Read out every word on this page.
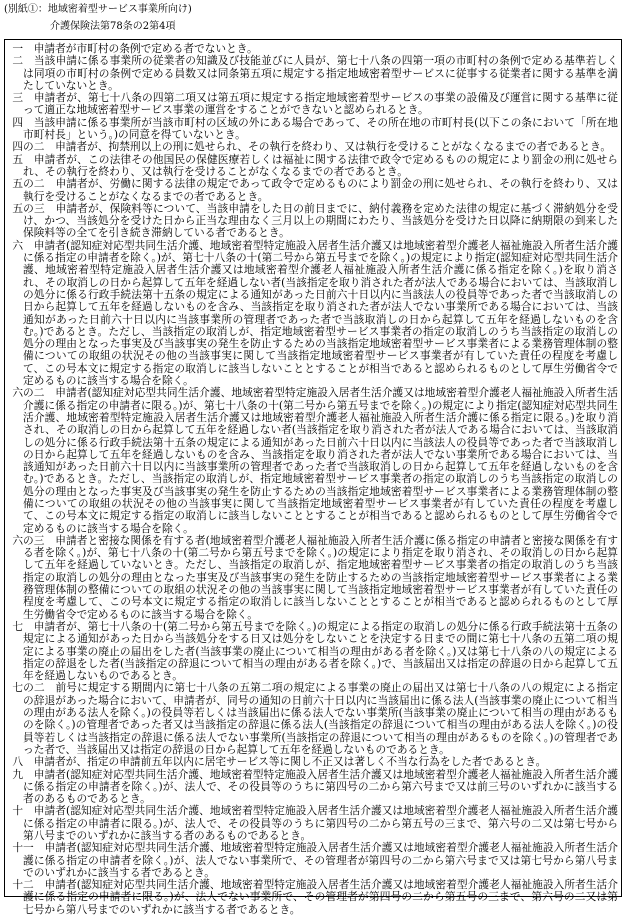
(別紙①：地域密着型サービス事業所向け)
介護保険法第78条の2第4項
一 申請者が市町村の条例で定める者でないとき。
二 当該申請に係る事業所の従業者の知識及び技能並びに人員が、第七十八条の四第一項の市町村の条例で定める基準若しくは同項の市町村の条例で定める員数又は同条第五項に規定する指定地域密着型サービスに従事する従業者に関する基準を満たしていないとき。
三 申請者が、第七十八条の四第二項又は第五項に規定する指定地域密着型サービスの事業の設備及び運営に関する基準に従って適正な地域密着型サービス事業の運営をすることができないと認められるとき。
四 当該申請に係る事業所が当該市町村の区域の外にある場合であって、その所在地の市町村長(以下この条において「所在地市町村長」という。)の同意を得ていないとき。
四の二 申請者が、拘禁刑以上の刑に処せられ、その執行を終わり、又は執行を受けることがなくなるまでの者であるとき。
五 申請者が、この法律その他国民の保健医療若しくは福祉に関する法律で政令で定めるものの規定により罰金の刑に処せられ、その執行を終わり、又は執行を受けることがなくなるまでの者であるとき。
五の二 申請者が、労働に関する法律の規定であって政令で定めるものにより罰金の刑に処せられ、その執行を終わり、又は執行を受けることがなくなるまでの者であるとき。
五の三 申請者が、保険料等について、当該申請をした日の前日までに、納付義務を定めた法律の規定に基づく滞納処分を受け、かつ、当該処分を受けた日から正当な理由なく三月以上の期間にわたり、当該処分を受けた日以降に納期限の到来した保険料等の全てを引き続き滞納している者であるとき。
六 申請者(認知症対応型共同生活介護、地域密着型特定施設入居者生活介護又は地域密着型介護老人福祉施設入所者生活介護に係る指定の申請者を除く。)が、第七十八条の十(第二号から第五号までを除く。)の規定により指定(認知症対応型共同生活介護、地域密着型特定施設入居者生活介護又は地域密着型介護老人福祉施設入所者生活介護に係る指定を除く。)を取り消され、その取消しの日から起算して五年を経過しない者(当該指定を取り消された者が法人である場合においては、当該取消しの処分に係る行政手続法第十五条の規定による通知があった日前六十日以内に当該法人の役員等であった者で当該取消しの日から起算して五年を経過しないものを含み、当該指定を取り消された者が法人でない事業所である場合においては、当該通知があった日前六十日以内に当該事業所の管理者であった者で当該取消しの日から起算して五年を経過しないものを含む。)であるとき。ただし、当該指定の取消しが、指定地域密着型サービス事業者の指定の取消しのうち当該指定の取消しの処分の理由となった事実及び当該事実の発生を防止するための当該指定地域密着型サービス事業者による業務管理体制の整備についての取組の状況その他の当該事実に関して当該指定地域密着型サービス事業者が有していた責任の程度を考慮して、この号本文に規定する指定の取消しに該当しないこととすることが相当であると認められるものとして厚生労働省令で定めるものに該当する場合を除く。
六の二 申請者(認知症対応型共同生活介護、地域密着型特定施設入居者生活介護又は地域密着型介護老人福祉施設入所者生活介護に係る指定の申請者に限る。)が、第七十八条の十(第二号から第五号までを除く。)の規定により指定(認知症対応型共同生活介護、地域密着型特定施設入居者生活介護又は地域密着型介護老人福祉施設入所者生活介護に係る指定に限る。)を取り消され、その取消しの日から起算して五年を経過しない者(当該指定を取り消された者が法人である場合においては、当該取消しの処分に係る行政手続法第十五条の規定による通知があった日前六十日以内に当該法人の役員等であった者で当該取消しの日から起算して五年を経過しないものを含み、当該指定を取り消された者が法人でない事業所である場合においては、当該通知があった日前六十日以内に当該事業所の管理者であった者で当該取消しの日から起算して五年を経過しないものを含む。)であるとき。ただし、当該指定の取消しが、指定地域密着型サービス事業者の指定の取消しのうち当該指定の取消しの処分の理由となった事実及び当該事実の発生を防止するための当該指定地域密着型サービス事業者による業務管理体制の整備についての取組の状況その他の当該事実に関して当該指定地域密着型サービス事業者が有していた責任の程度を考慮して、この号本文に規定する指定の取消しに該当しないこととすることが相当であると認められるものとして厚生労働省令で定めるものに該当する場合を除く。
六の三 申請者と密接な関係を有する者(地域密着型介護老人福祉施設入所者生活介護に係る指定の申請者と密接な関係を有する者を除く。)が、第七十八条の十(第二号から第五号までを除く。)の規定により指定を取り消され、その取消しの日から起算して五年を経過していないとき。ただし、当該指定の取消しが、指定地域密着型サービス事業者の指定の取消しのうち当該指定の取消しの処分の理由となった事実及び当該事実の発生を防止するための当該指定地域密着型サービス事業者による業務管理体制の整備についての取組の状況その他の当該事実に関して当該指定地域密着型サービス事業者が有していた責任の程度を考慮して、この号本文に規定する指定の取消しに該当しないこととすることが相当であると認められるものとして厚生労働省令で定めるものに該当する場合を除く。
七 申請者が、第七十八条の十(第二号から第五号までを除く。)の規定による指定の取消しの処分に係る行政手続法第十五条の規定による通知があった日から当該処分をする日又は処分をしないことを決定する日までの間に第七十八条の五第二項の規定による事業の廃止の届出をした者(当該事業の廃止について相当の理由がある者を除く。)又は第七十八条の八の規定による指定の辞退をした者(当該指定の辞退について相当の理由がある者を除く。)で、当該届出又は指定の辞退の日から起算して五年を経過しないものであるとき。
七の二 前号に規定する期間内に第七十八条の五第二項の規定による事業の廃止の届出又は第七十八条の八の規定による指定の辞退があった場合において、申請者が、同号の通知の日前六十日以内に当該届出に係る法人(当該事業の廃止について相当の理由がある法人を除く。)の役員等若しくは当該届出に係る法人でない事業所(当該事業の廃止について相当の理由があるものを除く。)の管理者であった者又は当該指定の辞退に係る法人(当該指定の辞退について相当の理由がある法人を除く。)の役員等若しくは当該指定の辞退に係る法人でない事業所(当該指定の辞退について相当の理由があるものを除く。)の管理者であった者で、当該届出又は指定の辞退の日から起算して五年を経過しないものであるとき。
八 申請者が、指定の申請前五年以内に居宅サービス等に関し不正又は著しく不当な行為をした者であるとき。
九 申請者(認知症対応型共同生活介護、地域密着型特定施設入居者生活介護又は地域密着型介護老人福祉施設入所者生活介護に係る指定の申請者を除く。)が、法人で、その役員等のうちに第四号の二から第六号まで又は前三号のいずれかに該当する者のあるものであるとき。
十 申請者(認知症対応型共同生活介護、地域密着型特定施設入居者生活介護又は地域密着型介護老人福祉施設入所者生活介護に係る指定の申請者に限る。)が、法人で、その役員等のうちに第四号の二から第五号の三まで、第六号の二又は第七号から第八号までのいずれかに該当する者のあるものであるとき。
十一 申請者(認知症対応型共同生活介護、地域密着型特定施設入居者生活介護又は地域密着型介護老人福祉施設入所者生活介護に係る指定の申請者を除く。)が、法人でない事業所で、その管理者が第四号の二から第六号まで又は第七号から第八号までのいずれかに該当する者であるとき。
十二 申請者(認知症対応型共同生活介護、地域密着型特定施設入居者生活介護又は地域密着型介護老人福祉施設入所者生活介護に係る指定の申請者に限る。)が、法人でない事業所で、その管理者が第四号の二から第五号の三まで、第六号の二又は第七号から第八号までのいずれかに該当する者であるとき。
